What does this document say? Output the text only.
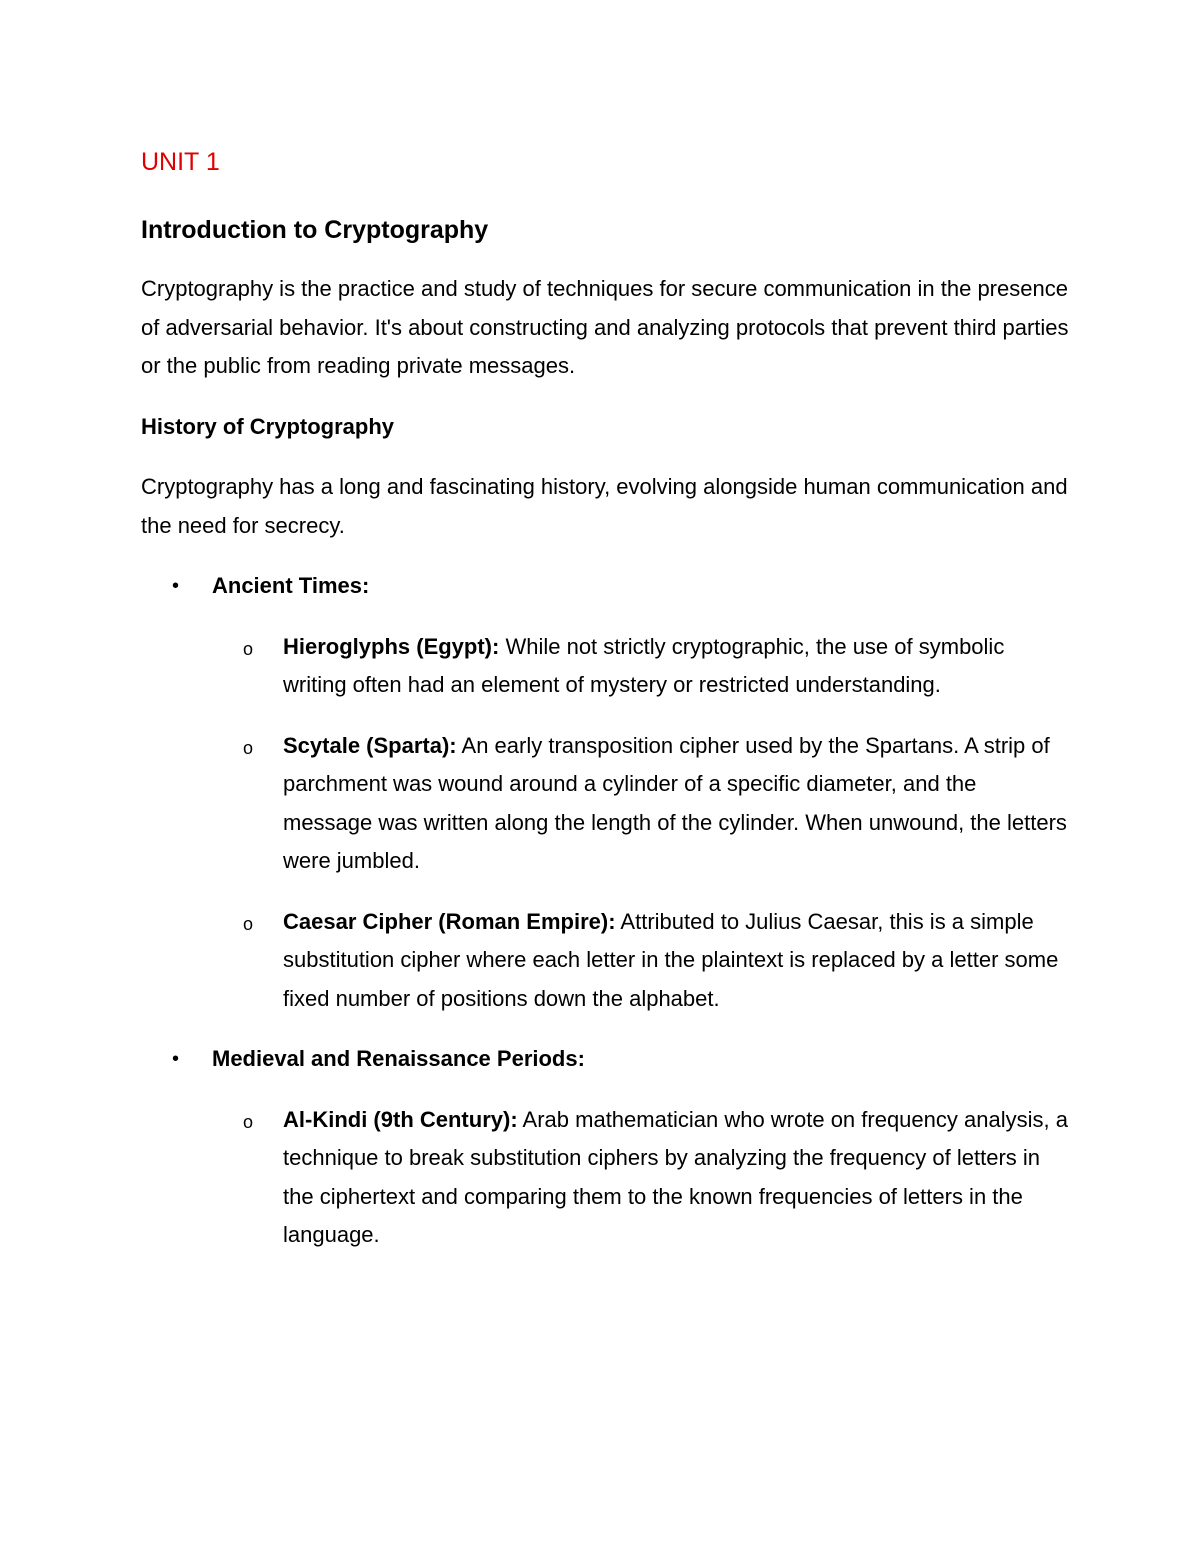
UNIT 1
Introduction to Cryptography

Cryptography is the practice and study of techniques for secure communication in the presence of adversarial behavior. It's about constructing and analyzing protocols that prevent third parties or the public from reading private messages.

History of Cryptography

Cryptography has a long and fascinating history, evolving alongside human communication and the need for secrecy.

• Ancient Times:
o Hieroglyphs (Egypt): While not strictly cryptographic, the use of symbolic writing often had an element of mystery or restricted understanding.
o Scytale (Sparta): An early transposition cipher used by the Spartans. A strip of parchment was wound around a cylinder of a specific diameter, and the message was written along the length of the cylinder. When unwound, the letters were jumbled.
o Caesar Cipher (Roman Empire): Attributed to Julius Caesar, this is a simple substitution cipher where each letter in the plaintext is replaced by a letter some fixed number of positions down the alphabet.
• Medieval and Renaissance Periods:
o Al-Kindi (9th Century): Arab mathematician who wrote on frequency analysis, a technique to break substitution ciphers by analyzing the frequency of letters in the ciphertext and comparing them to the known frequencies of letters in the language.
